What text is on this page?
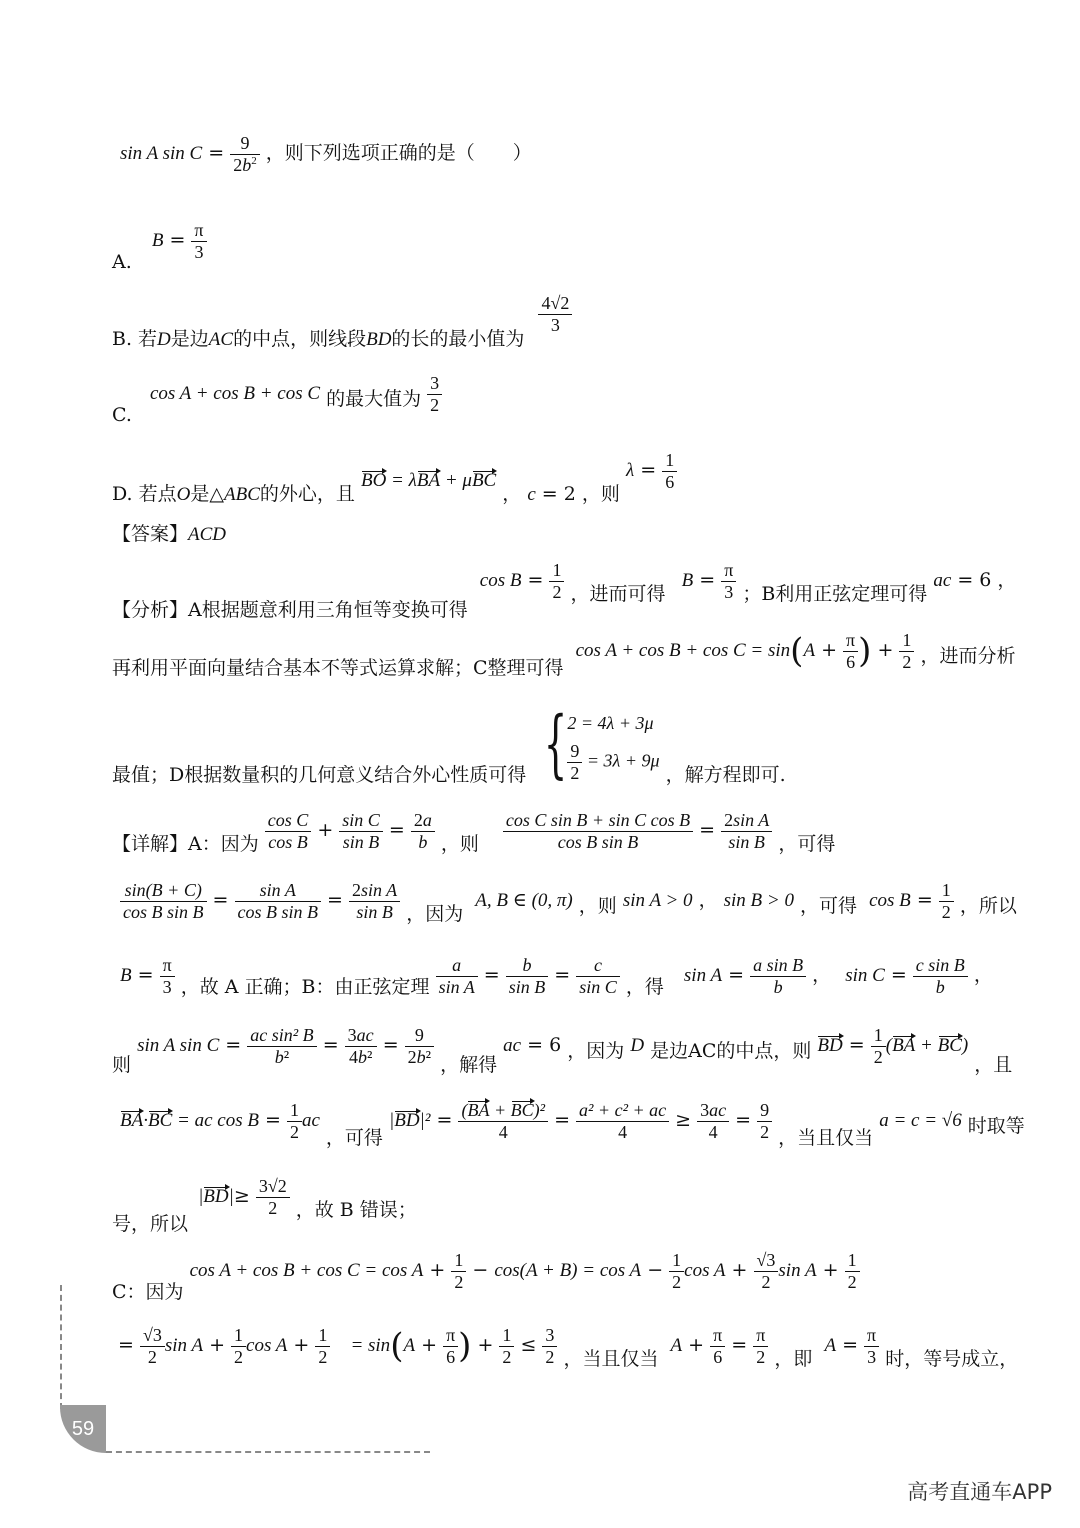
sin A $\sin C = \frac{9}{2b^2}$ ，则下列选项正确的是（　　）
A. $B = \frac{\pi}{3}$
B. 若D是边AC的中点，则线段BD的长的最小值为
$\frac{4√2}{3}$
C. cos A + cos B + cos C 的最大值为 $\frac{3}{2}$
D. 若点O是△ABC的外心，且 BO = λBA + μBC ， c = 2 ，则 $\lambda = \frac{1}{6}$
【答案】ACD
【分析】A根据题意利用三角恒等变换可得 $\cos B = \frac{1}{2}$ ，进而可得 $B = \frac{\pi}{3}$ ；B利用正弦定理可得 ac = 6 ，
再利用平面向量结合基本不等式运算求解；C整理可得 $\cos A + \cos B + \cos C = \sin(A + \frac{\pi}{6}$ ) + $\frac{1}{2}$ ，进而分析
最值；D根据数量积的几何意义结合外心性质可得 {2 = 4λ + 3μ

$\frac{9}{2} = 3\lambda + 9\mu$ ，解方程即可.
【详解】A：因为 $\frac{\text{cos C}}{\text{cos B}} + \frac{\text{sin C}}{\text{sin B}} = \frac{2a}{b}$ ，则 $\frac{\text{cos C sin B + sin C cos B}}{\text{cos B sin B}} = \frac{\text{2sin A}}{\text{sin B}}$ ，可得
$\frac{\sin(B + C)}{\text{cos B sin B}} = \frac{\text{sin A}}{\text{cos B sin B}} = \frac{\text{2sin A}}{\text{sin B}}$ ，因为 A, B ∈ (0, π) ，则 sin A > 0 ， sin B > 0 ，可得 $\cos B = \frac{1}{2}$ ，所以
$B = \frac{\pi}{3}$ ，故 A 正确；B：由正弦定理 $\frac{a}{\text{sin A}} = \frac{b}{\text{sin B}} = \frac{c}{\text{sin C}}$ ，得 $\sin A = \frac{\text{a sin B}}{b}$ ， $\sin C = \frac{\text{c sin B}}{b}$ ，
则 sin A $\sin C = \frac{\text{ac sin² B}}{\text{b²}} = \frac{3ac}{\text{4b²}} = \frac{9}{\text{2b²}}$ ，解得 ac = 6 ，因为 D 是边AC的中点，则 BD = $\frac{1}{2} (BA + BC)$ ，且
BA·BC = ac $\cos B = \frac{1}{2}$ ac ，可得 $|BD|^2 = \frac{\text{(BA + BC)²}}{4} = \frac{\text{a² + c² + ac}}{4} \ge \frac{3ac}{4} = \frac{9}{2}$ ，当且仅当 a = c = √6 时取等
号，所以 $|BD|\ge \frac{3√2}{2}$ ，故 B 错误；
C：因为 $\cos A + \cos B + \cos C = \cos A + \frac{1}{2} - \cos(A + B) = \cos A - \frac{1}{2}$ $\cos A + \frac{√3}{2}$ $\sin A + \frac{1}{2}$
= $\frac{√3}{2}$ $\sin A + \frac{1}{2}$ $\cos A + \frac{1}{2} = \sin(A + \frac{\pi}{6}$ ) + $\frac{1}{2} \le \frac{3}{2}$ ，当且仅当 $A + \frac{\pi}{6} = \frac{\pi}{2}$ ，即 $A = \frac{\pi}{3}$ 时，等号成立，
59
高考直通车APP
